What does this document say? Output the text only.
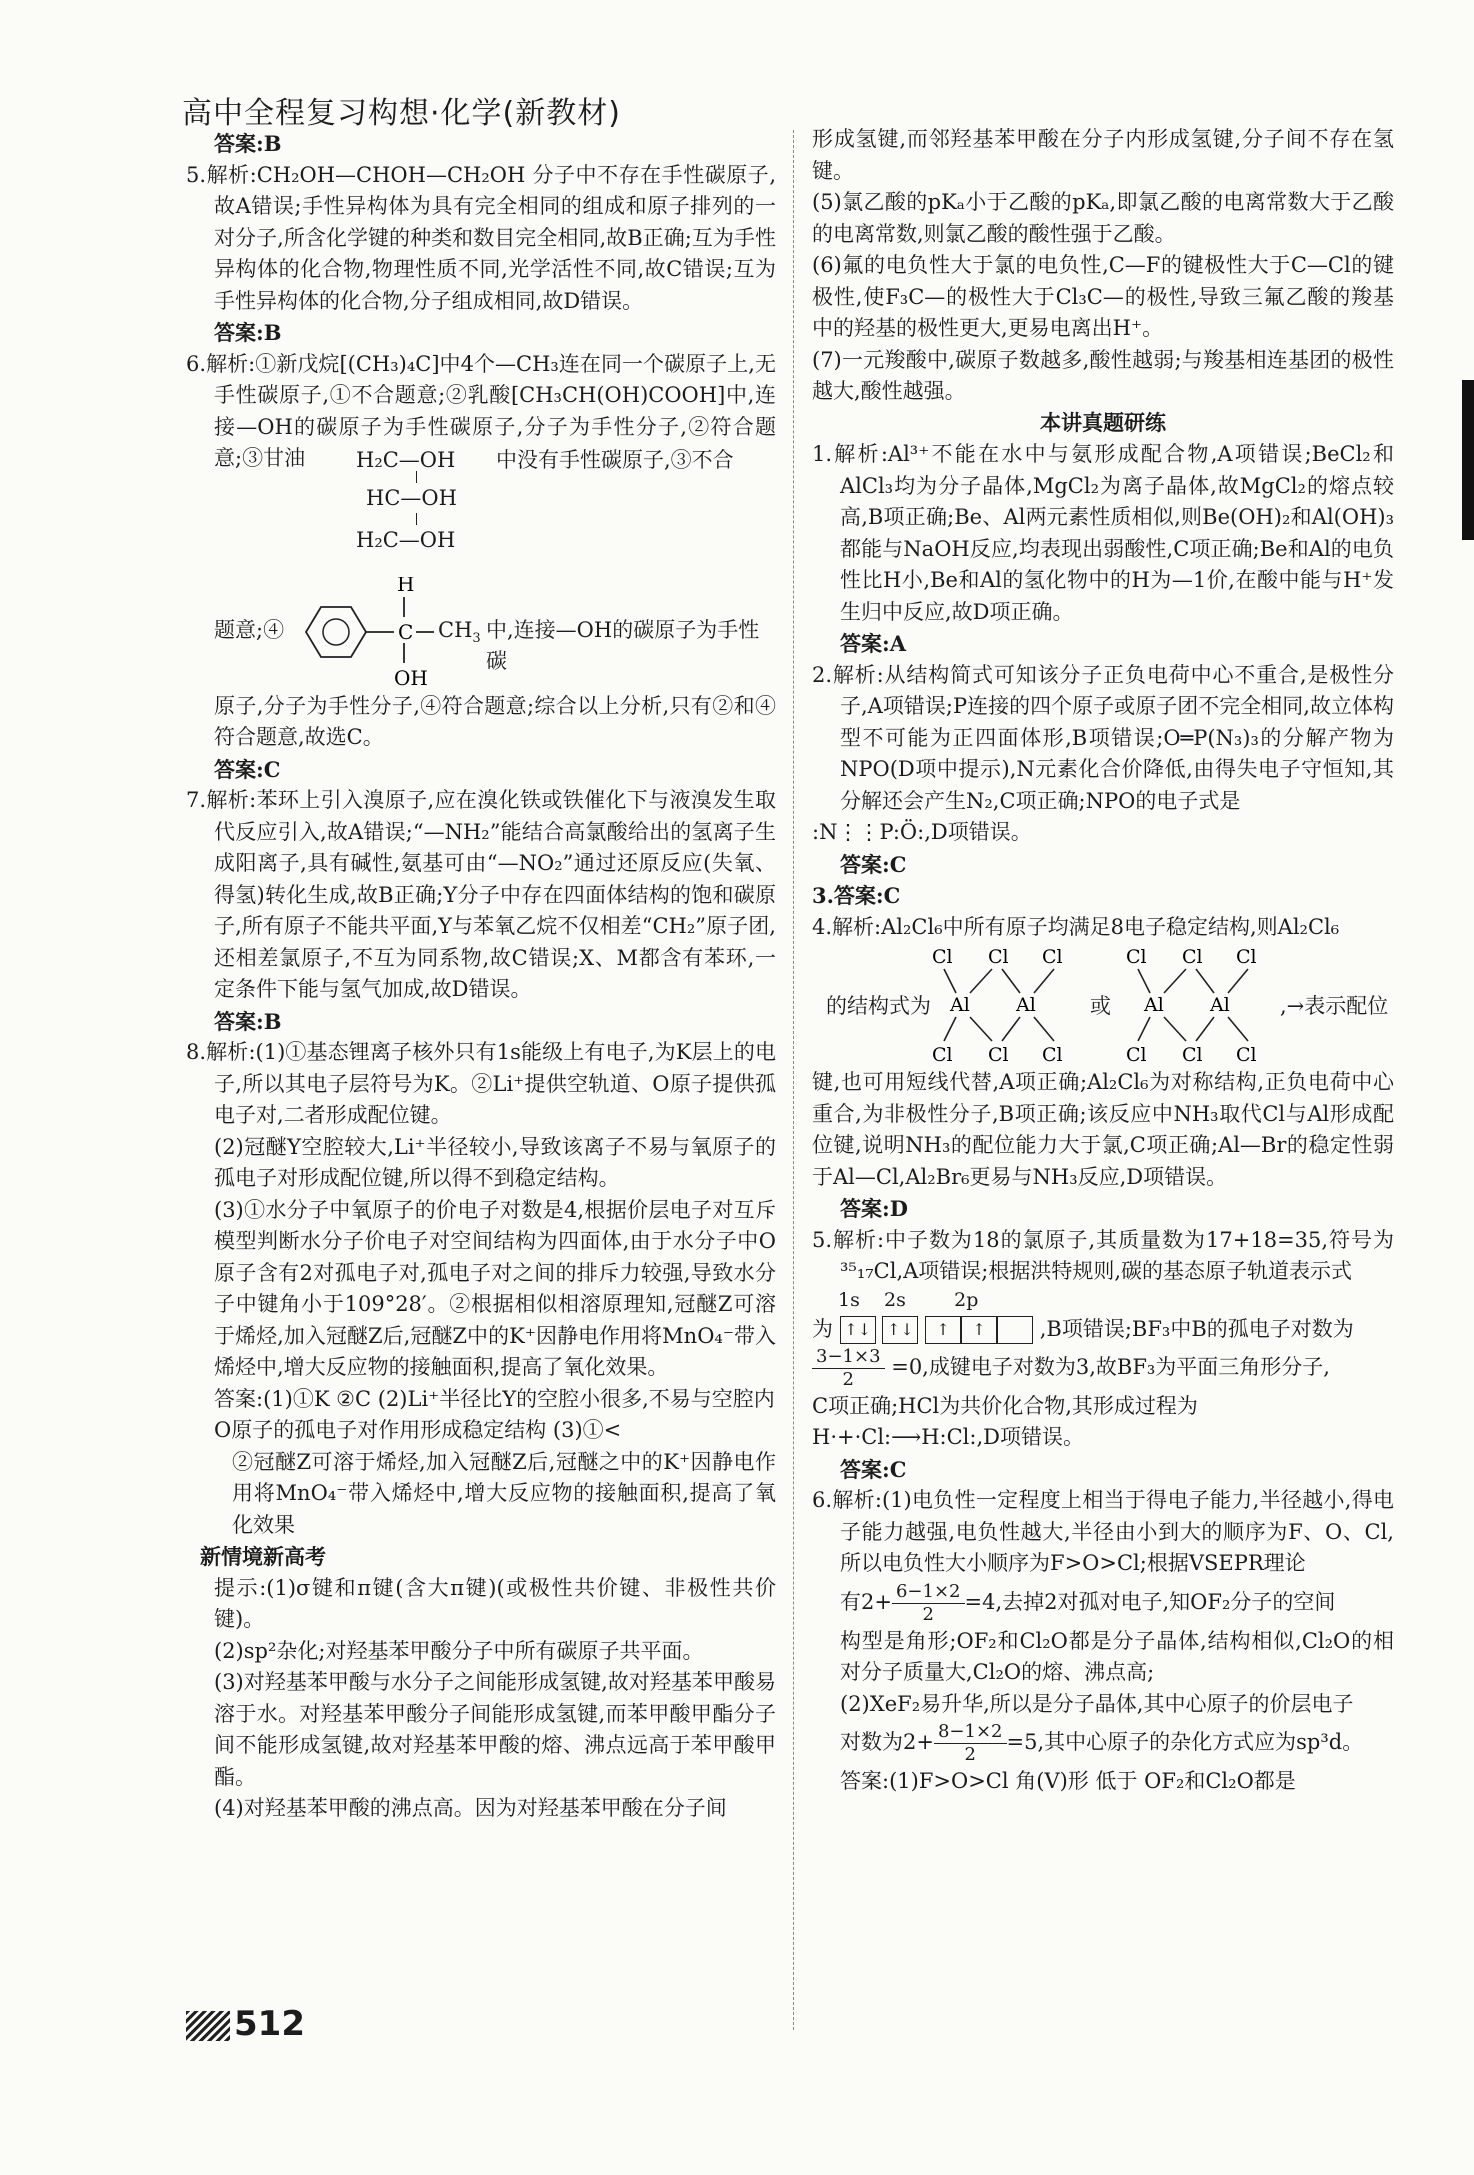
高中全程复习构想·化学(新教材)
答案:B
5.解析:CH₂OH—CHOH—CH₂OH 分子中不存在手性碳原子,故A错误;手性异构体为具有完全相同的组成和原子排列的一对分子,所含化学键的种类和数目完全相同,故B正确;互为手性异构体的化合物,物理性质不同,光学活性不同,故C错误;互为手性异构体的化合物,分子组成相同,故D错误。
答案:B
6.解析:①新戊烷[(CH₃)₄C]中4个—CH₃连在同一个碳原子上,无手性碳原子,①不合题意;②乳酸[CH₃CH(OH)COOH]中,连接—OH的碳原子为手性碳原子,分子为手性分子,②符合题意;③甘油	H₂C—OH 中没有手性碳原子,③不合
HC—OH
H₂C—OH
题意;④	C
H
OH
$CH_3$ 中,连接—OH的碳原子为手性碳
原子,分子为手性分子,④符合题意;综合以上分析,只有②和④符合题意,故选C。
答案:C
7.解析:苯环上引入溴原子,应在溴化铁或铁催化下与液溴发生取代反应引入,故A错误;“—NH₂”能结合高氯酸给出的氢离子生成阳离子,具有碱性,氨基可由“—NO₂”通过还原反应(失氧、得氢)转化生成,故B正确;Y分子中存在四面体结构的饱和碳原子,所有原子不能共平面,Y与苯氧乙烷不仅相差“CH₂”原子团,还相差氯原子,不互为同系物,故C错误;X、M都含有苯环,一定条件下能与氢气加成,故D错误。
答案:B
8.解析:(1)①基态锂离子核外只有1s能级上有电子,为K层上的电子,所以其电子层符号为K。②Li⁺提供空轨道、O原子提供孤电子对,二者形成配位键。
(2)冠醚Y空腔较大,Li⁺半径较小,导致该离子不易与氧原子的孤电子对形成配位键,所以得不到稳定结构。
(3)①水分子中氧原子的价电子对数是4,根据价层电子对互斥模型判断水分子价电子对空间结构为四面体,由于水分子中O原子含有2对孤电子对,孤电子对之间的排斥力较强,导致水分子中键角小于109°28′。②根据相似相溶原理知,冠醚Z可溶于烯烃,加入冠醚Z后,冠醚Z中的K⁺因静电作用将MnO₄⁻带入烯烃中,增大反应物的接触面积,提高了氧化效果。
答案:(1)①K ②C (2)Li⁺半径比Y的空腔小很多,不易与空腔内O原子的孤电子对作用形成稳定结构 (3)①<
②冠醚Z可溶于烯烃,加入冠醚Z后,冠醚之中的K⁺因静电作用将MnO₄⁻带入烯烃中,增大反应物的接触面积,提高了氧化效果
新情境新高考
提示:(1)σ键和π键(含大π键)(或极性共价键、非极性共价键)。
(2)sp²杂化;对羟基苯甲酸分子中所有碳原子共平面。
(3)对羟基苯甲酸与水分子之间能形成氢键,故对羟基苯甲酸易溶于水。对羟基苯甲酸分子间能形成氢键,而苯甲酸甲酯分子间不能形成氢键,故对羟基苯甲酸的熔、沸点远高于苯甲酸甲酯。
(4)对羟基苯甲酸的沸点高。因为对羟基苯甲酸在分子间
形成氢键,而邻羟基苯甲酸在分子内形成氢键,分子间不存在氢键。
(5)氯乙酸的pKₐ小于乙酸的pKₐ,即氯乙酸的电离常数大于乙酸的电离常数,则氯乙酸的酸性强于乙酸。
(6)氟的电负性大于氯的电负性,C—F的键极性大于C—Cl的键极性,使F₃C—的极性大于Cl₃C—的极性,导致三氟乙酸的羧基中的羟基的极性更大,更易电离出H⁺。
(7)一元羧酸中,碳原子数越多,酸性越弱;与羧基相连基团的极性越大,酸性越强。
本讲真题研练
1.解析:Al³⁺不能在水中与氨形成配合物,A项错误;BeCl₂和AlCl₃均为分子晶体,MgCl₂为离子晶体,故MgCl₂的熔点较高,B项正确;Be、Al两元素性质相似,则Be(OH)₂和Al(OH)₃都能与NaOH反应,均表现出弱酸性,C项正确;Be和Al的电负性比H小,Be和Al的氢化物中的H为—1价,在酸中能与H⁺发生归中反应,故D项正确。
答案:A
2.解析:从结构简式可知该分子正负电荷中心不重合,是极性分子,A项错误;P连接的四个原子或原子团不完全相同,故立体构型不可能为正四面体形,B项错误;O═P(N₃)₃的分解产物为NPO(D项中提示),N元素化合价降低,由得失电子守恒知,其分解还会产生N₂,C项正确;NPO的电子式是
:N⋮⋮P:Ö:,D项错误。
答案:C
3.答案:C
4.解析:Al₂Cl₆中所有原子均满足8电子稳定结构,则Al₂Cl₆
的结构式为
Cl Cl Cl
Al Al
Cl Cl Cl
或
Cl Cl Cl
Al Al
Cl Cl Cl
,→表示配位
键,也可用短线代替,A项正确;Al₂Cl₆为对称结构,正负电荷中心重合,为非极性分子,B项正确;该反应中NH₃取代Cl与Al形成配位键,说明NH₃的配位能力大于氯,C项正确;Al—Br的稳定性弱于Al—Cl,Al₂Br₆更易与NH₃反应,D项错误。
答案:D
5.解析:中子数为18的氯原子,其质量数为17+18=35,符号为³⁵₁₇Cl,A项错误;根据洪特规则,碳的基态原子轨道表示式
1s    2s        2p
为 ↑↓ ↑↓ ↑ ↑	,B项错误;BF₃中B的孤电子对数为
$\frac{3-1\times 3}{2} =0$,成键电子对数为3,故BF₃为平面三角形分子,
C项正确;HCl为共价化合物,其形成过程为
H·+·Cl:⟶H:Cl:,D项错误。
答案:C
6.解析:(1)电负性一定程度上相当于得电子能力,半径越小,得电子能力越强,电负性越大,半径由小到大的顺序为F、O、Cl,所以电负性大小顺序为F>O>Cl;根据VSEPR理论
有$2+ \frac{6-1\times 2}{2} =4$,去掉2对孤对电子,知OF₂分子的空间
构型是角形;OF₂和Cl₂O都是分子晶体,结构相似,Cl₂O的相对分子质量大,Cl₂O的熔、沸点高;
(2)XeF₂易升华,所以是分子晶体,其中心原子的价层电子
对数为$2+ \frac{8-1\times 2}{2} =5$,其中心原子的杂化方式应为sp³d。
答案:(1)F>O>Cl 角(V)形 低于 OF₂和Cl₂O都是
512
